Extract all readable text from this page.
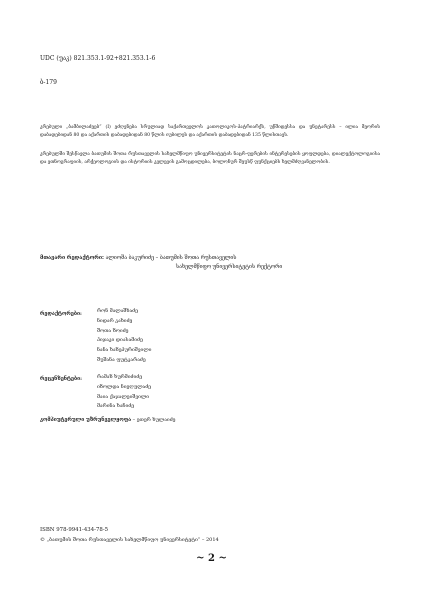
UDC (უაკ) 821.353.1-92+821.353.1-6

ბ-179

კრებული „ბამბილაძეებ” (I) ეძღვნება სრულიად საქართველოს კათოლიკოს-პატრიარქს, უწმიდესსა და უნეტარესს – ილია მეორის დაბადებიდან 80 და აქართის დაბადებიდან 80 წლის იუბილეს და აქართის დაბადებიდან 135 წლისთავს.
კრებულში შესწავლა ბათუმის შოთა რუსთაველის სახელმწიფო უნივერსიტეტის ნაცრ-ფერების ინტერესების ყოფლდება, დიალექტოლოგიისა და ეთნოგრაფიის, არქეოლოგიის და ისტორიის კვლევის გამოცდილება, ბოლონურ შეუსწ ფუნქციებს ხელმძღვანელობის.
მთავარი რედაქტორი: ალიოშა ბაკურიძე – ბათუმის შოთა რუსთაველის
სახელმწიფო უნივერსიტეტის რექტორი
რედაქტორები:	რონ მალაშხაძე
ნიდარ კახიძე
შოთა ზოიძე
პიჯაკი დიასამიძე
ნანა ხაზეპურიშვილი
შუშანა ფუტკარაძე
რეცენზენტები:	რამაზ ხურმიძიძე
იზოლდა ნიჟღულაძე
მაია ქაჯალეიშვილი
მარინა ხაჩიძე
კომპიუტერული უზრუნველყოფა – ეთერ ხულაიძე
ISBN 978-9941-434-78-5
© „ბათუმის შოთა რუსთაველის სახელმწიფო უნივერსიტეტი” – 2014
~ 2 ~
